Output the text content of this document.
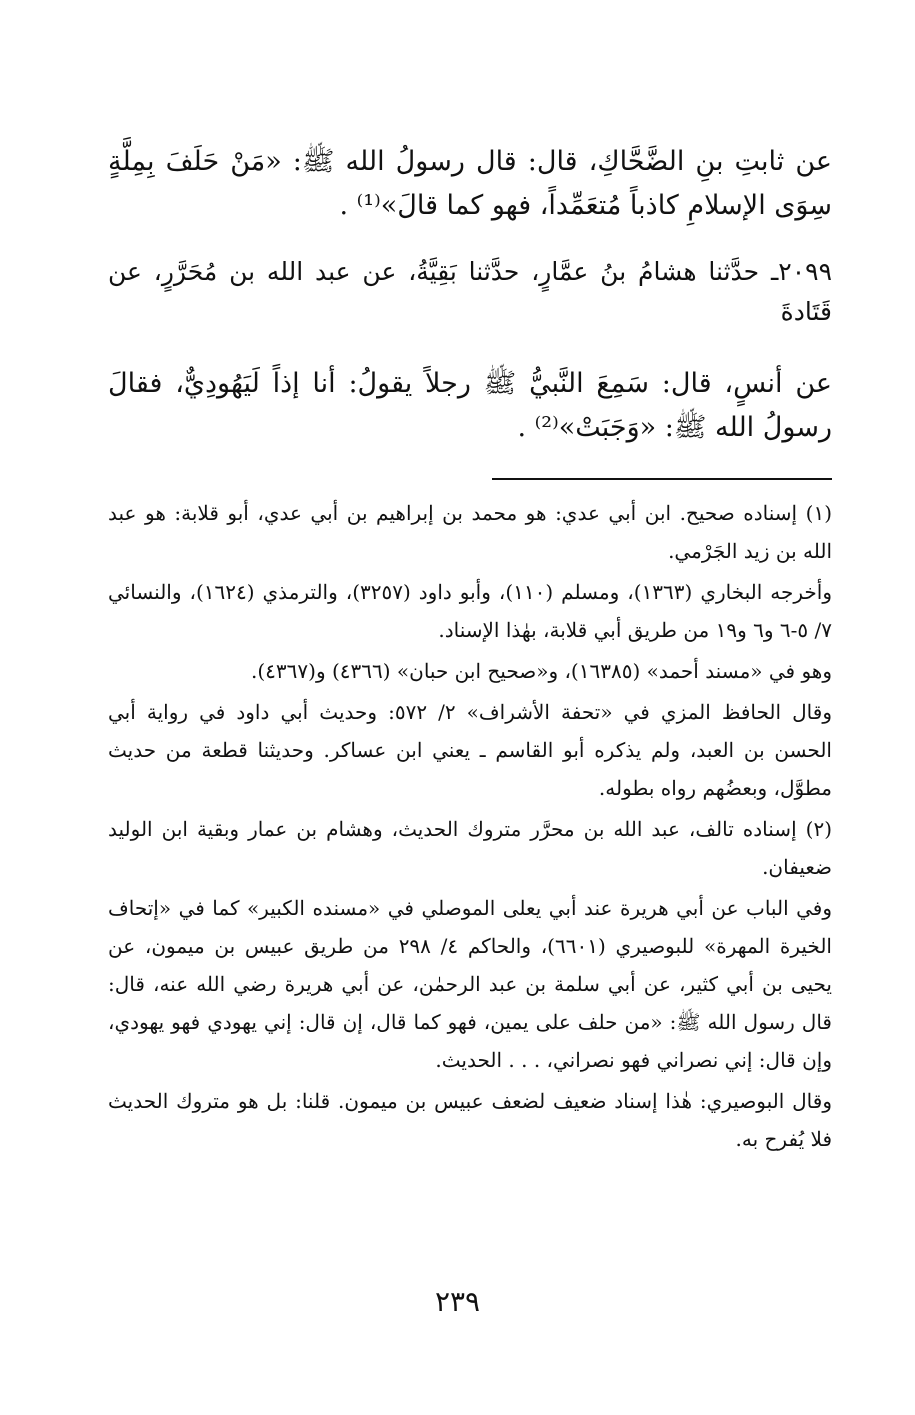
عن ثابتِ بنِ الضَّحَّاكِ، قال: قال رسولُ الله ﷺ: «مَنْ حَلَفَ بِمِلَّةٍ سِوَى الإسلامِ كاذباً مُتعَمِّداً، فهو كما قالَ»⁽¹⁾ .

٢٠٩٩ـ حدَّثنا هشامُ بنُ عمَّارٍ، حدَّثنا بَقِيَّةُ، عن عبد الله بن مُحَرَّرٍ، عن قَتَادةَ

عن أنسٍ، قال: سَمِعَ النَّبيُّ ﷺ رجلاً يقولُ: أنا إذاً لَيَهُودِيٌّ، فقالَ رسولُ الله ﷺ: «وَجَبَتْ»⁽²⁾ .

(١) إسناده صحيح. ابن أبي عدي: هو محمد بن إبراهيم بن أبي عدي، أبو قلابة: هو عبد الله بن زيد الجَرْمي.

وأخرجه البخاري (١٣٦٣)، ومسلم (١١٠)، وأبو داود (٣٢٥٧)، والترمذي (١٦٢٤)، والنسائي ٧/ ٥-٦ و٦ و١٩ من طريق أبي قلابة، بهٰذا الإسناد.

وهو في «مسند أحمد» (١٦٣٨٥)، و«صحيح ابن حبان» (٤٣٦٦) و(٤٣٦٧).

وقال الحافظ المزي في «تحفة الأشراف» ٢/ ٥٧٢: وحديث أبي داود في رواية أبي الحسن بن العبد، ولم يذكره أبو القاسم ـ يعني ابن عساكر. وحديثنا قطعة من حديث مطوَّل، وبعضُهم رواه بطوله.

(٢) إسناده تالف، عبد الله بن محرَّر متروك الحديث، وهشام بن عمار وبقية ابن الوليد ضعيفان.

وفي الباب عن أبي هريرة عند أبي يعلى الموصلي في «مسنده الكبير» كما في «إتحاف الخيرة المهرة» للبوصيري (٦٦٠١)، والحاكم ٤/ ٢٩٨ من طريق عبيس بن ميمون، عن يحيى بن أبي كثير، عن أبي سلمة بن عبد الرحمٰن، عن أبي هريرة رضي الله عنه، قال: قال رسول الله ﷺ: «من حلف على يمين، فهو كما قال، إن قال: إني يهودي فهو يهودي، وإن قال: إني نصراني فهو نصراني، . . . الحديث.

وقال البوصيري: هٰذا إسناد ضعيف لضعف عبيس بن ميمون. قلنا: بل هو متروك الحديث فلا يُفرح به.

٢٣٩
